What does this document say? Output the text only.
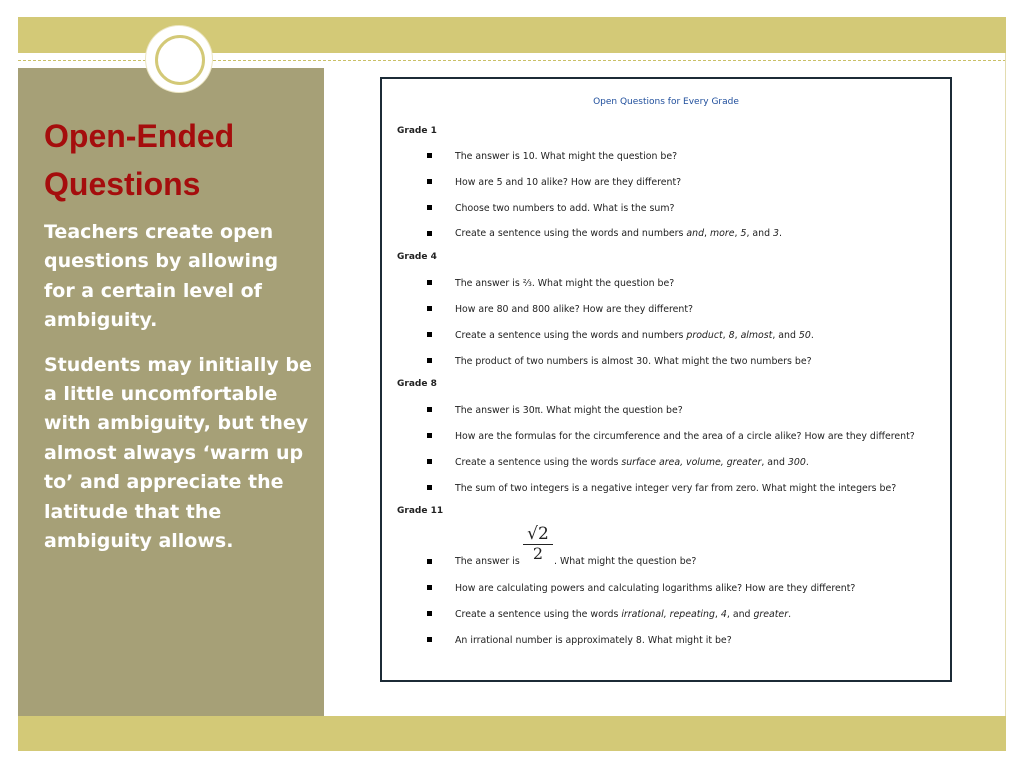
Open-Ended
Questions

Teachers create open questions by allowing for a certain level of ambiguity.

Students may initially be a little uncomfortable with ambiguity, but they almost always ‘warm up to’ and appreciate the latitude that the ambiguity allows.

Open Questions for Every Grade
Grade 1
The answer is 10. What might the question be?
How are 5 and 10 alike? How are they different?
Choose two numbers to add. What is the sum?
Create a sentence using the words and numbers and, more, 5, and 3.
Grade 4
The answer is ⅔. What might the question be?
How are 80 and 800 alike? How are they different?
Create a sentence using the words and numbers product, 8, almost, and 50.
The product of two numbers is almost 30. What might the two numbers be?
Grade 8
The answer is 30π. What might the question be?
How are the formulas for the circumference and the area of a circle alike? How are they different?
Create a sentence using the words surface area, volume, greater, and 300.
The sum of two integers is a negative integer very far from zero. What might the integers be?
Grade 11
$\frac{√2}{2}$
The answer is	. What might the question be?
How are calculating powers and calculating logarithms alike? How are they different?
Create a sentence using the words irrational, repeating, 4, and greater.
An irrational number is approximately 8. What might it be?
